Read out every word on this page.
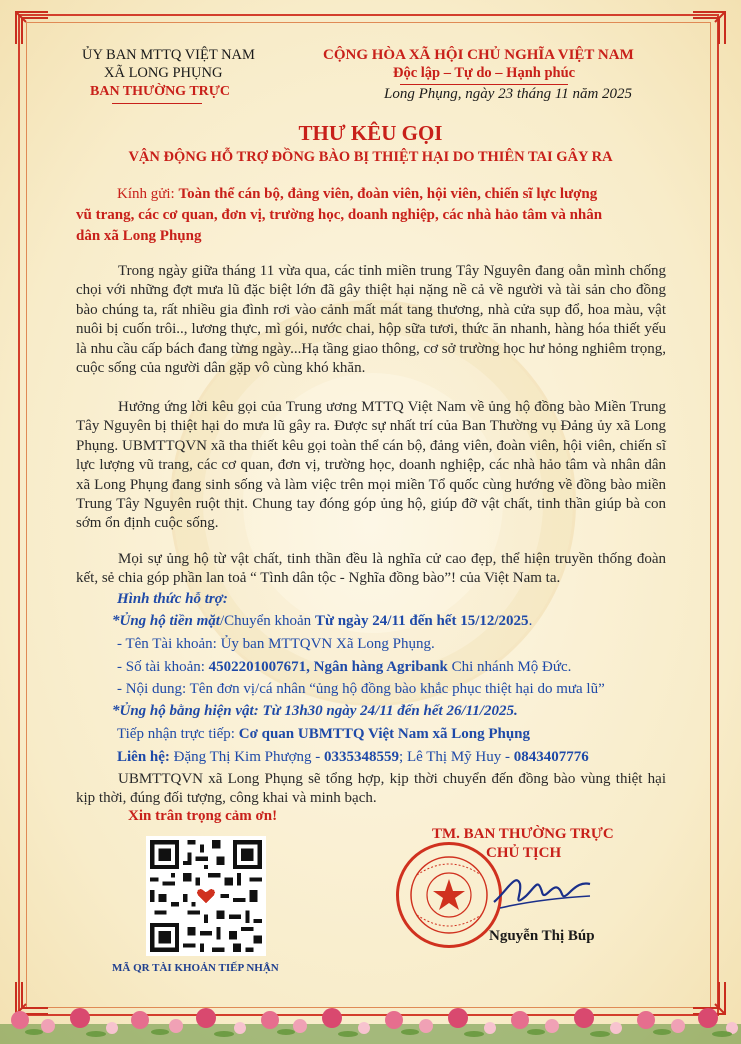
ỦY BAN MTTQ VIỆT NAM
XÃ LONG PHỤNG
BAN THƯỜNG TRỰC
CỘNG HÒA XÃ HỘI CHỦ NGHĨA VIỆT NAM
Độc lập – Tự do – Hạnh phúc
Long Phụng, ngày 23 tháng 11 năm 2025
THƯ KÊU GỌI
VẬN ĐỘNG HỖ TRỢ ĐỒNG BÀO BỊ THIỆT HẠI DO THIÊN TAI GÂY RA
Kính gửi: Toàn thể cán bộ, đảng viên, đoàn viên, hội viên, chiến sĩ lực lượng
vũ trang, các cơ quan, đơn vị, trường học, doanh nghiệp, các nhà hảo tâm và nhân
dân xã Long Phụng
Trong ngày giữa tháng 11 vừa qua, các tỉnh miền trung Tây Nguyên đang oằn mình chống chọi với những đợt mưa lũ đặc biệt lớn đã gây thiệt hại nặng nề cả về người và tài sản cho đồng bào chúng ta, rất nhiều gia đình rơi vào cảnh mất mát tang thương, nhà cửa sụp đổ, hoa màu, vật nuôi bị cuốn trôi.., lương thực, mì gói, nước chai, hộp sữa tươi, thức ăn nhanh, hàng hóa thiết yếu là nhu cầu cấp bách đang từng ngày...Hạ tầng giao thông, cơ sở trường học hư hỏng nghiêm trọng, cuộc sống của người dân gặp vô cùng khó khăn.
Hưởng ứng lời kêu gọi của Trung ương MTTQ Việt Nam về ủng hộ đồng bào Miền Trung Tây Nguyên bị thiệt hại do mưa lũ gây ra. Được sự nhất trí của Ban Thường vụ Đảng ủy xã Long Phụng. UBMTTQVN xã tha thiết kêu gọi toàn thể cán bộ, đảng viên, đoàn viên, hội viên, chiến sĩ lực lượng vũ trang, các cơ quan, đơn vị, trường học, doanh nghiệp, các nhà hảo tâm và nhân dân xã Long Phụng đang sinh sống và làm việc trên mọi miền Tổ quốc cùng hướng về đồng bào miền Trung Tây Nguyên ruột thịt. Chung tay đóng góp ủng hộ, giúp đỡ vật chất, tinh thần giúp bà con sớm ổn định cuộc sống.
Mọi sự ủng hộ từ vật chất, tinh thần đều là nghĩa cử cao đẹp, thể hiện truyền thống đoàn kết, sẻ chia góp phần lan toả “ Tình dân tộc - Nghĩa đồng bào”! của Việt Nam ta.
Hình thức hỗ trợ:
*Ủng hộ tiền mặt/Chuyển khoản Từ ngày 24/11 đến hết 15/12/2025.
- Tên Tài khoản: Ủy ban MTTQVN Xã Long Phụng.
- Số tài khoản: 4502201007671, Ngân hàng Agribank Chi nhánh Mộ Đức.
- Nội dung: Tên đơn vị/cá nhân “ủng hộ đồng bào khắc phục thiệt hại do mưa lũ”
*Ủng hộ bằng hiện vật: Từ 13h30 ngày 24/11 đến hết 26/11/2025.
Tiếp nhận trực tiếp: Cơ quan UBMTTQ Việt Nam xã Long Phụng
Liên hệ: Đặng Thị Kim Phượng - 0335348559; Lê Thị Mỹ Huy - 0843407776
UBMTTQVN xã Long Phụng sẽ tổng hợp, kịp thời chuyển đến đồng bào vùng thiệt hại kịp thời, đúng đối tượng, công khai và minh bạch.
Xin trân trọng cảm ơn!
TM. BAN THƯỜNG TRỰC
CHỦ TỊCH
Nguyễn Thị Búp
MÃ QR TÀI KHOẢN TIẾP NHẬN
